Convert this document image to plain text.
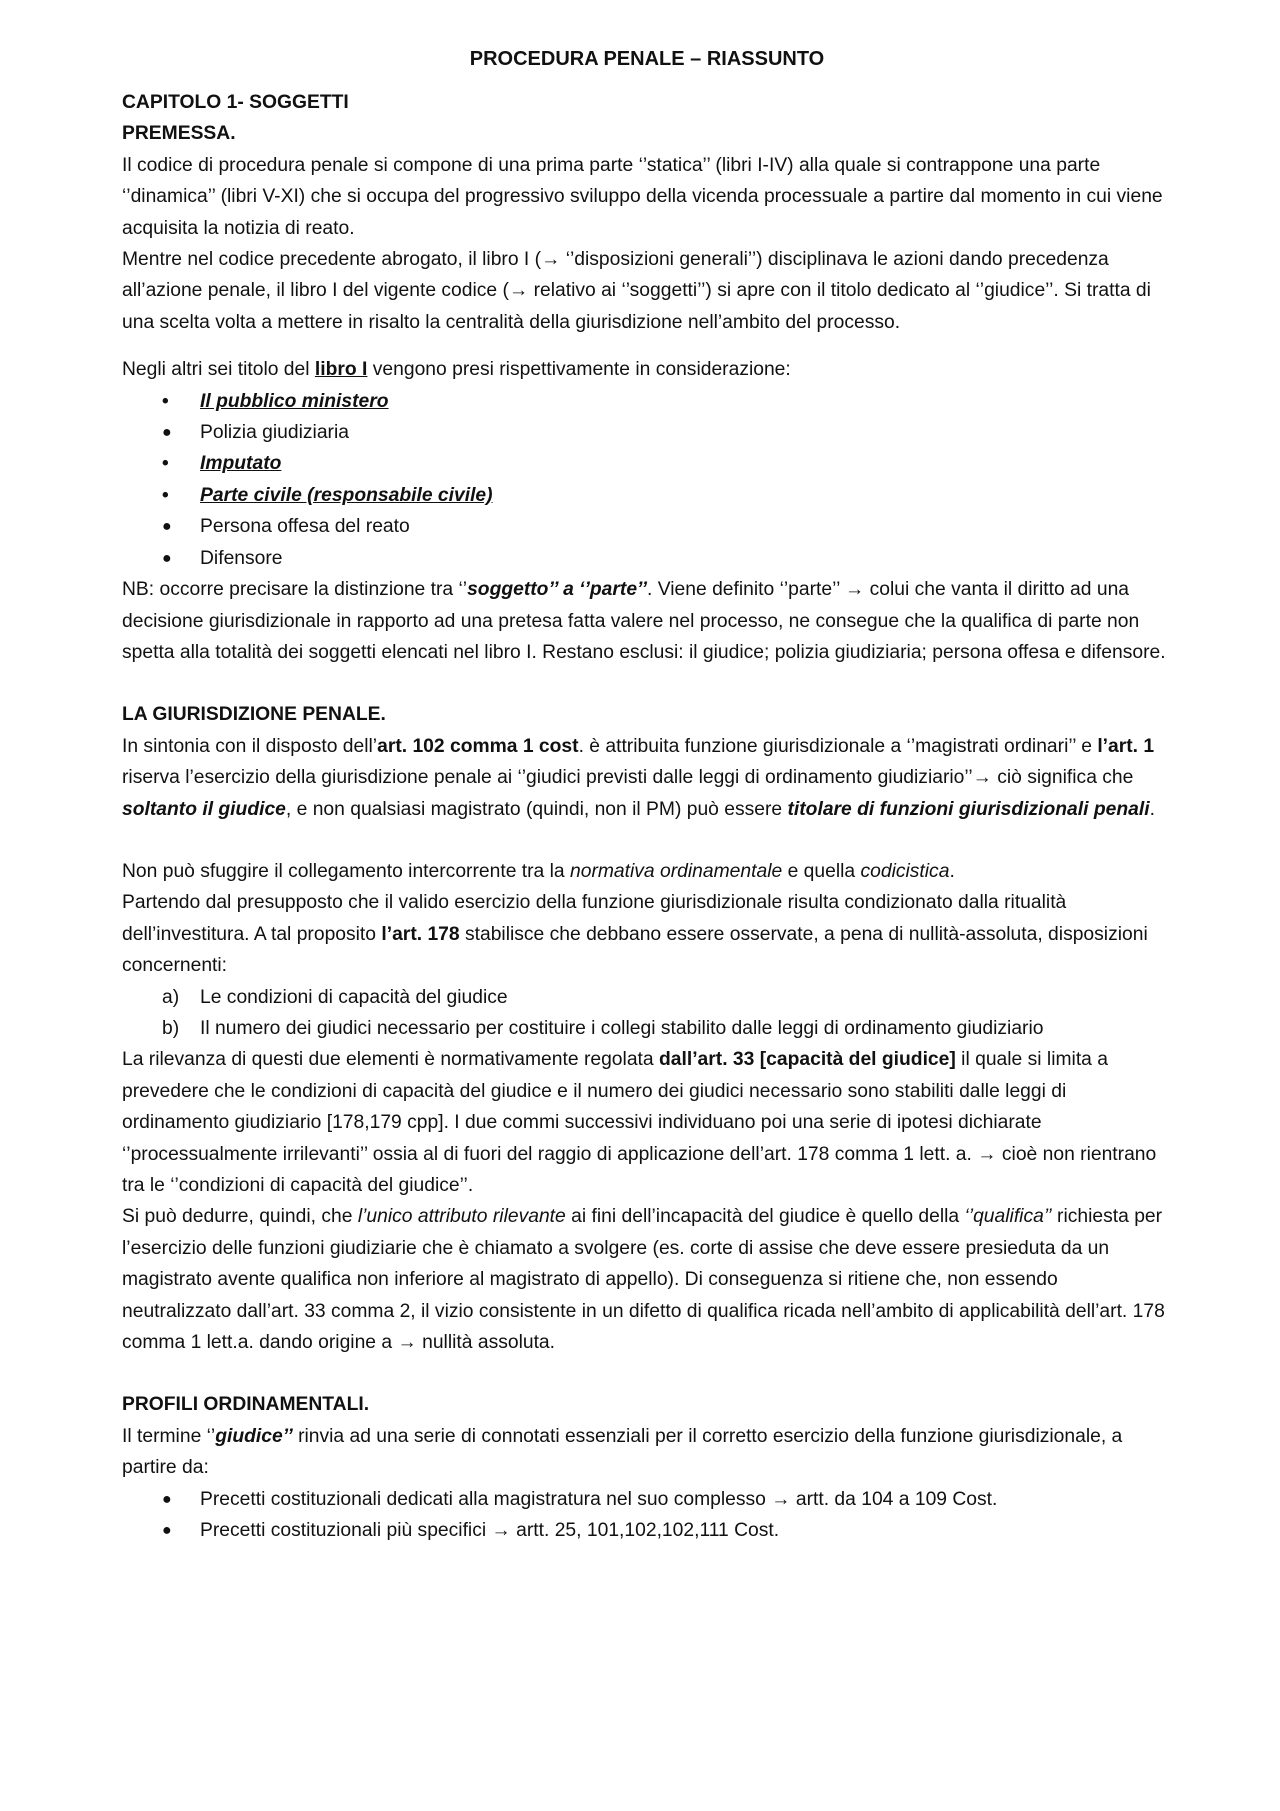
PROCEDURA PENALE – RIASSUNTO

CAPITOLO 1- SOGGETTI

PREMESSA.

Il codice di procedura penale si compone di una prima parte ‘’statica’’ (libri I-IV) alla quale si contrappone una parte ‘’dinamica’’ (libri V-XI) che si occupa del progressivo sviluppo della vicenda processuale a partire dal momento in cui viene acquisita la notizia di reato.

Mentre nel codice precedente abrogato, il libro I (→ ‘’disposizioni generali’’) disciplinava le azioni dando precedenza all’azione penale, il libro I del vigente codice (→ relativo ai ‘’soggetti’’) si apre con il titolo dedicato al ‘’giudice’’. Si tratta di una scelta volta a mettere in risalto la centralità della giurisdizione nell’ambito del processo.

Negli altri sei titolo del libro I vengono presi rispettivamente in considerazione:

• Il pubblico ministero
● Polizia giudiziaria
• Imputato
• Parte civile (responsabile civile)
● Persona offesa del reato
● Difensore

NB: occorre precisare la distinzione tra ‘’soggetto’’ a ‘’parte’’. Viene definito ‘’parte’’ → colui che vanta il diritto ad una decisione giurisdizionale in rapporto ad una pretesa fatta valere nel processo, ne consegue che la qualifica di parte non spetta alla totalità dei soggetti elencati nel libro I. Restano esclusi: il giudice; polizia giudiziaria; persona offesa e difensore.

LA GIURISDIZIONE PENALE.

In sintonia con il disposto dell’art. 102 comma 1 cost. è attribuita funzione giurisdizionale a ‘’magistrati ordinari’’ e l’art. 1 riserva l’esercizio della giurisdizione penale ai ‘’giudici previsti dalle leggi di ordinamento giudiziario’’→ ciò significa che soltanto il giudice, e non qualsiasi magistrato (quindi, non il PM) può essere titolare di funzioni giurisdizionali penali.

Non può sfuggire il collegamento intercorrente tra la normativa ordinamentale e quella codicistica.
Partendo dal presupposto che il valido esercizio della funzione giurisdizionale risulta condizionato dalla ritualità dell’investitura. A tal proposito l’art. 178 stabilisce che debbano essere osservate, a pena di nullità-assoluta, disposizioni concernenti:

a) Le condizioni di capacità del giudice
b) Il numero dei giudici necessario per costituire i collegi stabilito dalle leggi di ordinamento giudiziario

La rilevanza di questi due elementi è normativamente regolata dall’art. 33 [capacità del giudice] il quale si limita a prevedere che le condizioni di capacità del giudice e il numero dei giudici necessario sono stabiliti dalle leggi di ordinamento giudiziario [178,179 cpp]. I due commi successivi individuano poi una serie di ipotesi dichiarate ‘’processualmente irrilevanti’’ ossia al di fuori del raggio di applicazione dell’art. 178 comma 1 lett. a. → cioè non rientrano tra le ‘’condizioni di capacità del giudice’’.

Si può dedurre, quindi, che l’unico attributo rilevante ai fini dell’incapacità del giudice è quello della ‘’qualifica’’ richiesta per l’esercizio delle funzioni giudiziarie che è chiamato a svolgere (es. corte di assise che deve essere presieduta da un magistrato avente qualifica non inferiore al magistrato di appello). Di conseguenza si ritiene che, non essendo neutralizzato dall’art. 33 comma 2, il vizio consistente in un difetto di qualifica ricada nell’ambito di applicabilità dell’art. 178 comma 1 lett.a. dando origine a → nullità assoluta.

PROFILI ORDINAMENTALI.

Il termine ‘’giudice’’ rinvia ad una serie di connotati essenziali per il corretto esercizio della funzione giurisdizionale, a partire da:

● Precetti costituzionali dedicati alla magistratura nel suo complesso → artt. da 104 a 109 Cost.
● Precetti costituzionali più specifici → artt. 25, 101,102,102,111 Cost.
